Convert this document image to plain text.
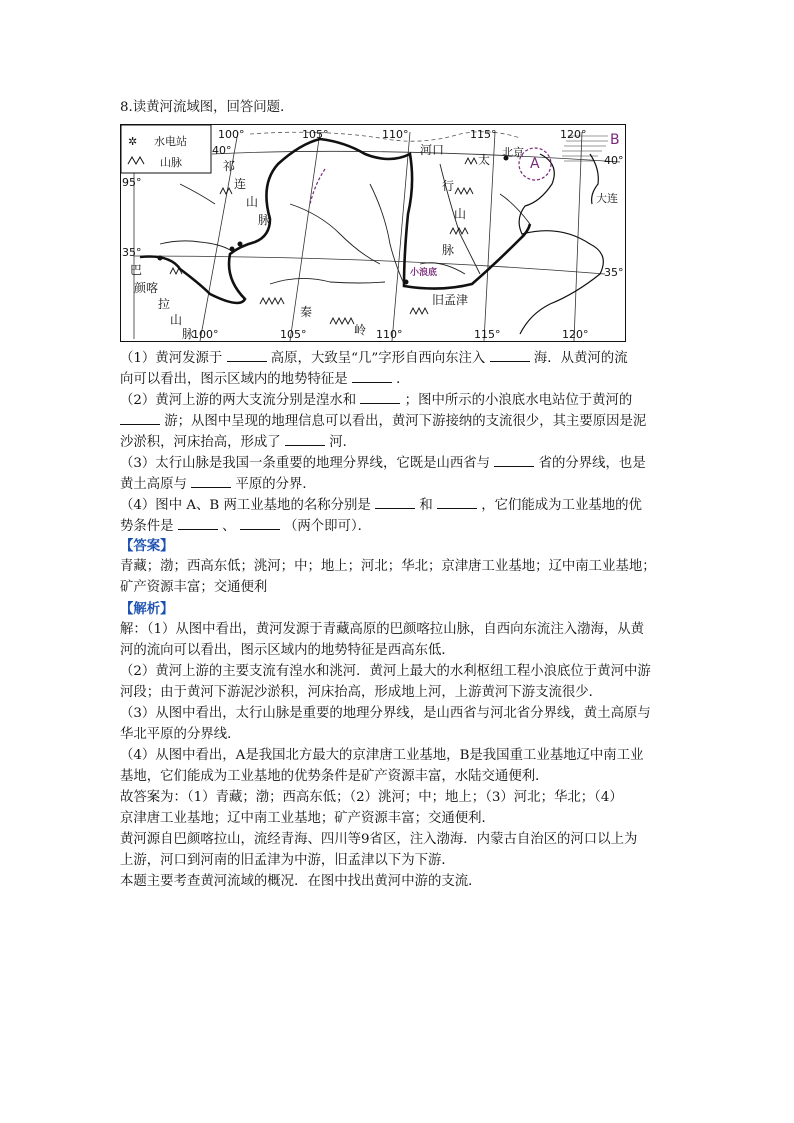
8.读黄河流域图，回答问题．
✲ 水电站
山脉
100°	105°	110°	115°	120°
100°	105°	110°	115°	120°
40°
95°
35°
35°
40°
河口	北京
大连
小浪底
旧孟津
A
B
祁
连
山
脉
太
行
山
脉
秦
岭
巴
颜 喀
拉
山
脉
（1）黄河发源于	高原，大致呈“几”字形自西向东注入	海．从黄河的流
向可以看出，图示区域内的地势特征是	．
（2）黄河上游的两大支流分别是湟水和	；图中所示的小浪底水电站位于黄河的
游；从图中呈现的地理信息可以看出，黄河下游接纳的支流很少，其主要原因是泥
沙淤积，河床抬高，形成了	河．
（3）太行山脉是我国一条重要的地理分界线，它既是山西省与	省的分界线，也是
黄土高原与	平原的分界．
（4）图中 A、B 两工业基地的名称分别是	和	，它们能成为工业基地的优
势条件是	、	（两个即可）．
【答案】
青藏；渤；西高东低；洮河；中；地上；河北；华北；京津唐工业基地；辽中南工业基地；
矿产资源丰富；交通便利
【解析】
解：（1）从图中看出，黄河发源于青藏高原的巴颜喀拉山脉，自西向东流注入渤海，从黄
河的流向可以看出，图示区域内的地势特征是西高东低．
（2）黄河上游的主要支流有湟水和洮河．黄河上最大的水利枢纽工程小浪底位于黄河中游
河段；由于黄河下游泥沙淤积，河床抬高，形成地上河，上游黄河下游支流很少．
（3）从图中看出，太行山脉是重要的地理分界线，是山西省与河北省分界线，黄土高原与
华北平原的分界线．
（4）从图中看出，A是我国北方最大的京津唐工业基地，B是我国重工业基地辽中南工业
基地，它们能成为工业基地的优势条件是矿产资源丰富，水陆交通便利．
故答案为：（1）青藏；渤；西高东低；（2）洮河；中；地上；（3）河北；华北；（4）
京津唐工业基地；辽中南工业基地；矿产资源丰富；交通便利．
黄河源自巴颜喀拉山，流经青海、四川等9省区，注入渤海．内蒙古自治区的河口以上为
上游，河口到河南的旧孟津为中游，旧孟津以下为下游．
本题主要考查黄河流域的概况．在图中找出黄河中游的支流．
